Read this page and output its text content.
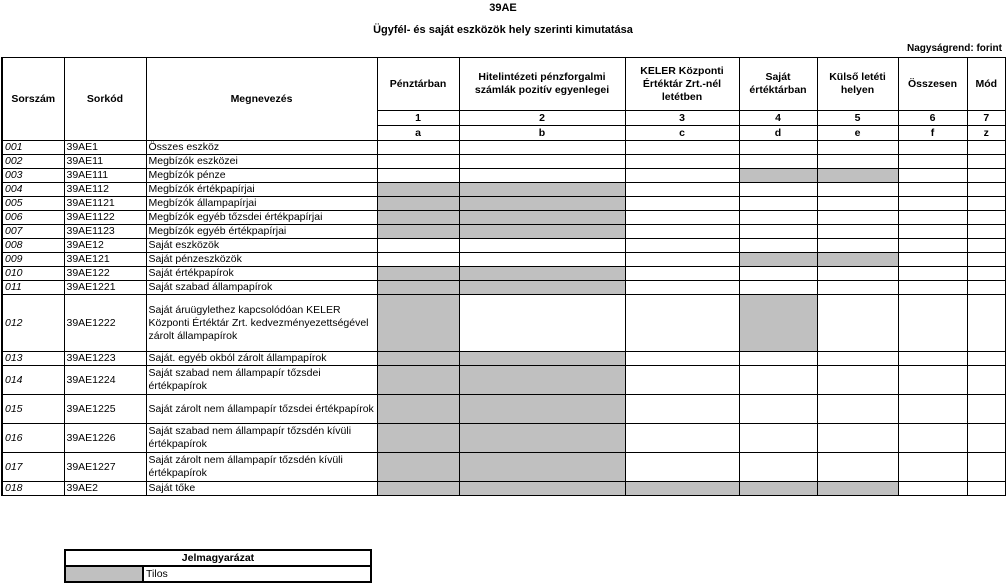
39AE
Ügyfél- és saját eszközök hely szerinti kimutatása
Nagyságrend: forint
Sorszám	Sorkód	Megnevezés	Pénztárban	Hitelintézeti pénzforgalmi számlák pozitív egyenlegei	KELER Központi Értéktár Zrt.-nél letétben	Saját értéktárban	Külső letéti helyen	Összesen	Mód
			1	2	3	4	5	6	7
			a	b	c	d	e	f	z
001	39AE1	Összes eszköz							
002	39AE11	Megbízók eszközei							
003	39AE111	Megbízók pénze							
004	39AE112	Megbízók értékpapírjai							
005	39AE1121	Megbízók állampapírjai							
006	39AE1122	Megbízók egyéb tőzsdei értékpapírjai							
007	39AE1123	Megbízók egyéb értékpapírjai							
008	39AE12	Saját eszközök							
009	39AE121	Saját pénzeszközök							
010	39AE122	Saját értékpapírok							
011	39AE1221	Saját szabad állampapírok							
012	39AE1222	Saját áruügylethez kapcsolódóan KELER Központi Értéktár Zrt. kedvezményezettségével zárolt állampapírok							
013	39AE1223	Saját. egyéb okból zárolt állampapírok							
014	39AE1224	Saját szabad nem állampapír tőzsdei értékpapírok							
015	39AE1225	Saját zárolt nem állampapír tőzsdei értékpapírok							
016	39AE1226	Saját szabad nem állampapír tőzsdén kívüli értékpapírok							
017	39AE1227	Saját zárolt nem állampapír tőzsdén kívüli értékpapírok							
018	39AE2	Saját tőke							
Jelmagyarázat
	Tilos
